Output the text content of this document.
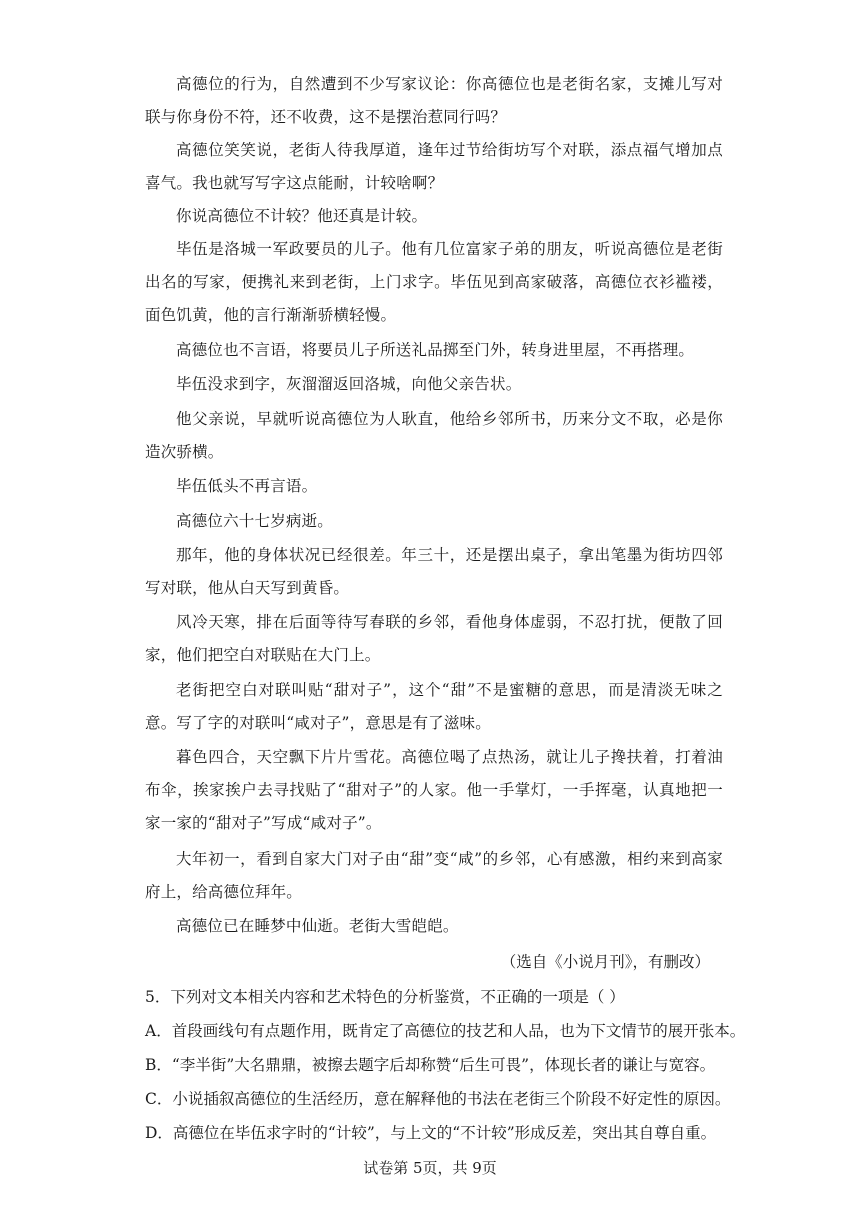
高德位的行为，自然遭到不少写家议论：你高德位也是老街名家，支摊儿写对联与你身份不符，还不收费，这不是摆治惹同行吗？

高德位笑笑说，老街人待我厚道，逢年过节给街坊写个对联，添点福气增加点喜气。我也就写写字这点能耐，计较啥啊？

你说高德位不计较？他还真是计较。

毕伍是洛城一军政要员的儿子。他有几位富家子弟的朋友，听说高德位是老街出名的写家，便携礼来到老街，上门求字。毕伍见到高家破落，高德位衣衫褴褛，面色饥黄，他的言行渐渐骄横轻慢。

高德位也不言语，将要员儿子所送礼品掷至门外，转身进里屋，不再搭理。

毕伍没求到字，灰溜溜返回洛城，向他父亲告状。

他父亲说，早就听说高德位为人耿直，他给乡邻所书，历来分文不取，必是你造次骄横。

毕伍低头不再言语。

高德位六十七岁病逝。

那年，他的身体状况已经很差。年三十，还是摆出桌子，拿出笔墨为街坊四邻写对联，他从白天写到黄昏。

风冷天寒，排在后面等待写春联的乡邻，看他身体虚弱，不忍打扰，便散了回家，他们把空白对联贴在大门上。

老街把空白对联叫贴“甜对子”，这个“甜”不是蜜糖的意思，而是清淡无味之意。写了字的对联叫“咸对子”，意思是有了滋味。

暮色四合，天空飘下片片雪花。高德位喝了点热汤，就让儿子搀扶着，打着油布伞，挨家挨户去寻找贴了“甜对子”的人家。他一手掌灯，一手挥毫，认真地把一家一家的“甜对子”写成“咸对子”。

大年初一，看到自家大门对子由“甜”变“咸”的乡邻，心有感激，相约来到高家府上，给高德位拜年。

高德位已在睡梦中仙逝。老街大雪皑皑。

（选自《小说月刊》，有删改）

5．下列对文本相关内容和艺术特色的分析鉴赏，不正确的一项是（ ）

A．首段画线句有点题作用，既肯定了高德位的技艺和人品，也为下文情节的展开张本。

B．“李半街”大名鼎鼎，被擦去题字后却称赞“后生可畏”，体现长者的谦让与宽容。

C．小说插叙高德位的生活经历，意在解释他的书法在老街三个阶段不好定性的原因。

D．高德位在毕伍求字时的“计较”，与上文的“不计较”形成反差，突出其自尊自重。

试卷第 5页，共 9页
